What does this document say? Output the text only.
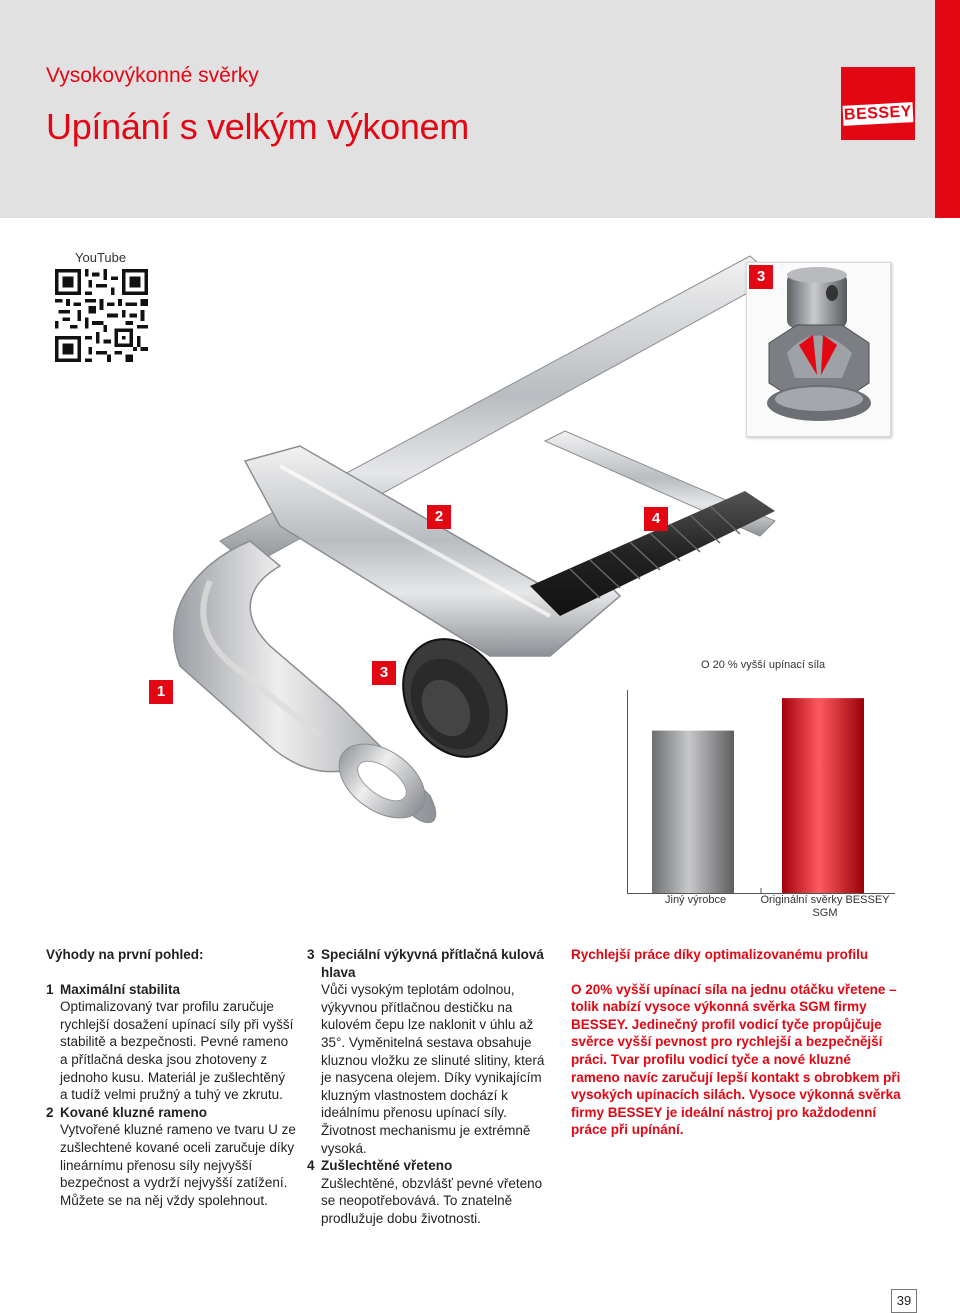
Vysokovýkonné svěrky
Upínání s velkým výkonem	BESSEY
YouTube
1
2
3
4
3
O 20 % vyšší upínací síla
Jiný výrobce	Originální svěrky BESSEY SGM

Výhody na první pohled:

1 Maximální stabilita

Optimalizovaný tvar profilu zaručuje rychlejší dosažení upínací síly při vyšší stabilitě a bezpečnosti. Pevné rameno a přítlačná deska jsou zhotoveny z jednoho kusu. Materiál je zušlechtěný a tudíž velmi pružný a tuhý ve zkrutu.

2 Kované kluzné rameno

Vytvořené kluzné rameno ve tvaru U ze zušlechtené kované oceli zaručuje díky lineárnímu přenosu síly nejvyšší bezpečnost a vydrží nejvyšší zatížení. Můžete se na něj vždy spolehnout.

3 Speciální výkyvná přítlačná kulová hlava

Vůči vysokým teplotám odolnou, výkyvnou přítlačnou destičku na kulovém čepu lze naklonit v úhlu až 35°. Vyměnitelná sestava obsahuje kluznou vložku ze slinuté slitiny, která je nasycena olejem. Díky vynikajícím kluzným vlastnostem dochází k ideálnímu přenosu upínací síly. Životnost mechanismu je extrémně vysoká.

4 Zušlechtěné vřeteno

Zušlechtěné, obzvlášť pevné vřeteno se neopotřebovává. To znatelně prodlužuje dobu životnosti.

Rychlejší práce díky optimalizovanému profilu

O 20% vyšší upínací síla na jednu otáčku vřetene – tolik nabízí vysoce výkonná svěrka SGM firmy BESSEY. Jedinečný profil vodicí tyče propůjčuje svěrce vyšší pevnost pro rychlejší a bezpečnější práci. Tvar profilu vodicí tyče a nové kluzné rameno navíc zaručují lepší kontakt s obrobkem při vysokých upínacích silách. Vysoce výkonná svěrka firmy BESSEY je ideální nástroj pro každodenní práce při upínání.

39
